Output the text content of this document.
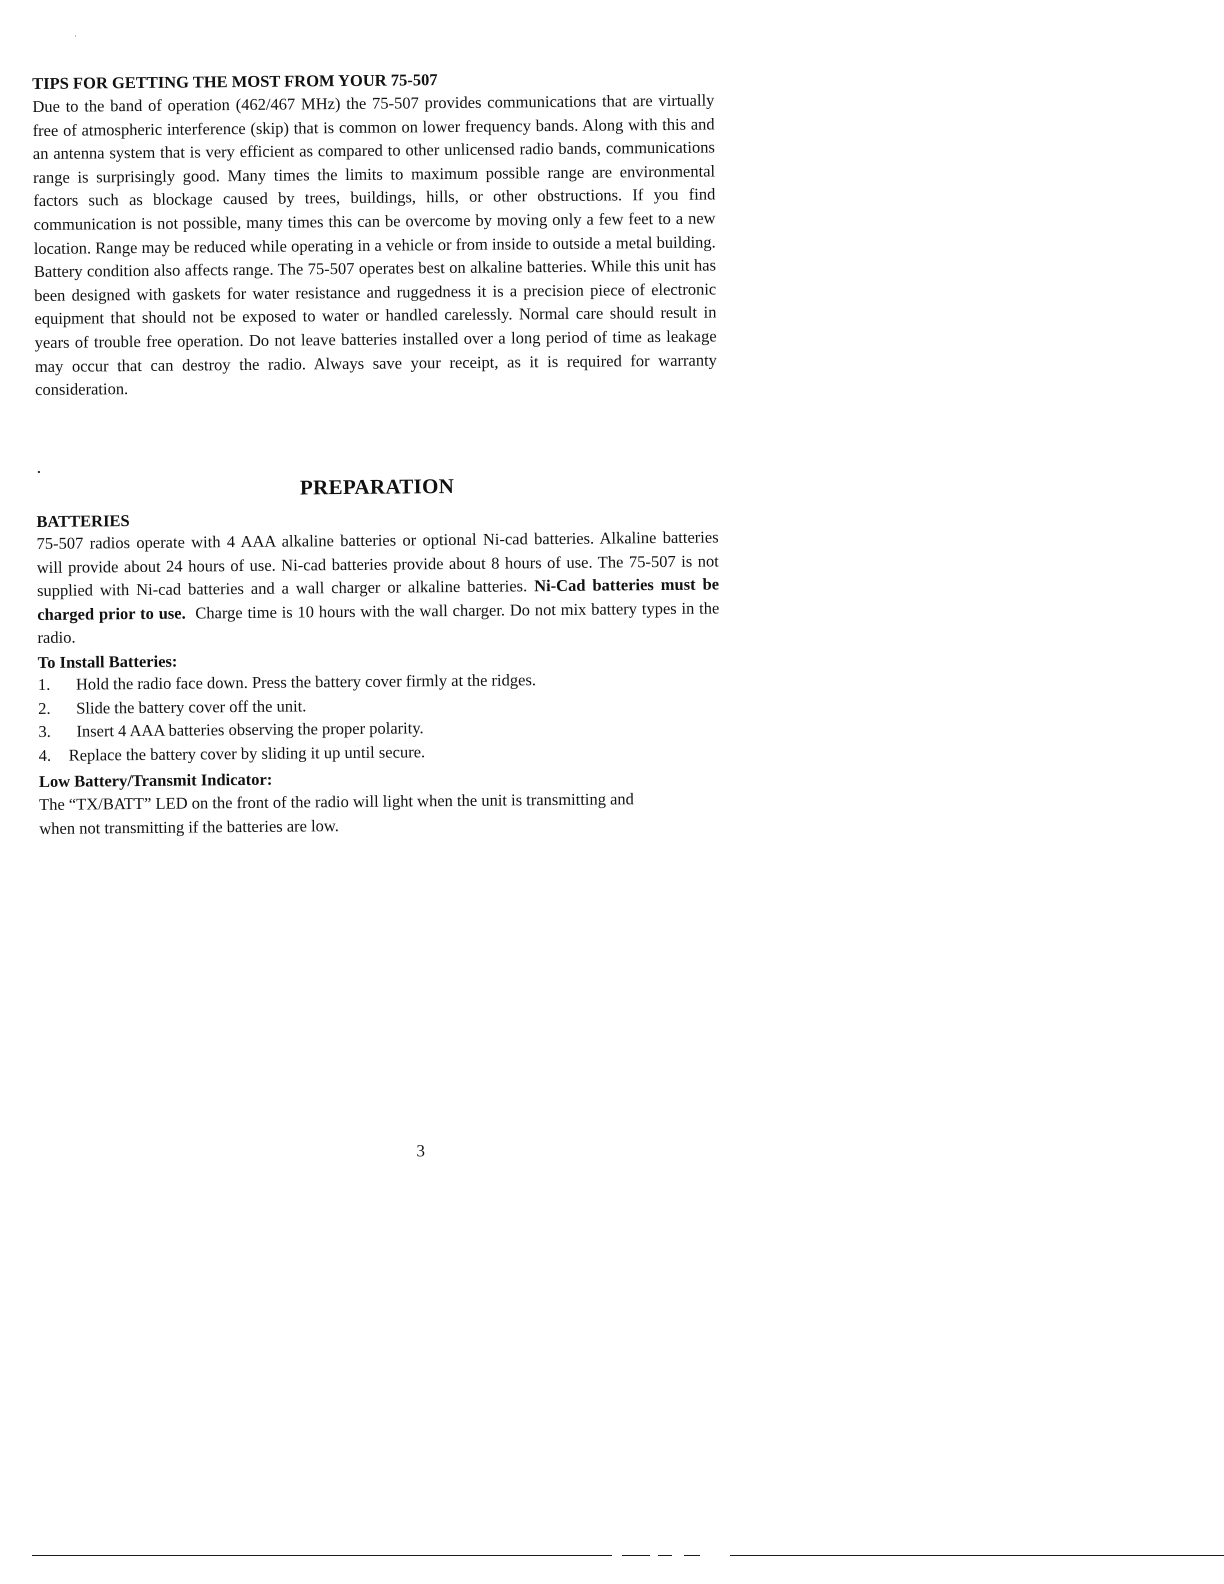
TIPS FOR GETTING THE MOST FROM YOUR 75-507

Due to the band of operation (462/467 MHz) the 75-507 provides communications that are virtually free of atmospheric interference (skip) that is common on lower frequency bands. Along with this and an antenna system that is very efficient as compared to other unlicensed radio bands, communications range is surprisingly good. Many times the limits to maximum possible range are environmental factors such as blockage caused by trees, buildings, hills, or other obstructions. If you find communication is not possible, many times this can be overcome by moving only a few feet to a new location. Range may be reduced while operating in a vehicle or from inside to outside a metal building. Battery condition also affects range. The 75-507 operates best on alkaline batteries. While this unit has been designed with gaskets for water resistance and ruggedness it is a precision piece of electronic equipment that should not be exposed to water or handled carelessly. Normal care should result in years of trouble free operation. Do not leave batteries installed over a long period of time as leakage may occur that can destroy the radio. Always save your receipt, as it is required for warranty consideration.

PREPARATION
BATTERIES

75-507 radios operate with 4 AAA alkaline batteries or optional Ni-cad batteries. Alkaline batteries will provide about 24 hours of use. Ni-cad batteries provide about 8 hours of use. The 75-507 is not supplied with Ni-cad batteries and a wall charger or alkaline batteries. Ni-Cad batteries must be charged prior to use. Charge time is 10 hours with the wall charger. Do not mix battery types in the radio.

To Install Batteries:
1. Hold the radio face down. Press the battery cover firmly at the ridges.
2. Slide the battery cover off the unit.
3. Insert 4 AAA batteries observing the proper polarity.
4. Replace the battery cover by sliding it up until secure.
Low Battery/Transmit Indicator:

The “TX/BATT” LED on the front of the radio will light when the unit is transmitting and when not transmitting if the batteries are low.

3
